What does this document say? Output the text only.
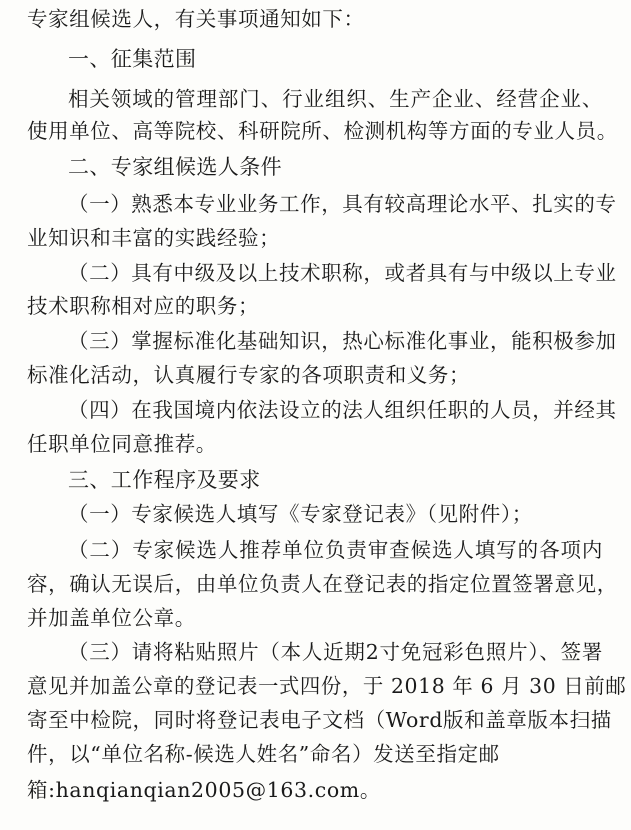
专家组候选人，有关事项通知如下：
一、征集范围
相关领域的管理部门、行业组织、生产企业、经营企业、
使用单位、高等院校、科研院所、检测机构等方面的专业人员。
二、专家组候选人条件
（一）熟悉本专业业务工作，具有较高理论水平、扎实的专
业知识和丰富的实践经验；
（二）具有中级及以上技术职称，或者具有与中级以上专业
技术职称相对应的职务；
（三）掌握标准化基础知识，热心标准化事业，能积极参加
标准化活动，认真履行专家的各项职责和义务；
（四）在我国境内依法设立的法人组织任职的人员，并经其
任职单位同意推荐。
三、工作程序及要求
（一）专家候选人填写《专家登记表》（见附件）；
（二）专家候选人推荐单位负责审查候选人填写的各项内
容，确认无误后，由单位负责人在登记表的指定位置签署意见，
并加盖单位公章。
（三）请将粘贴照片（本人近期2寸免冠彩色照片）、签署
意见并加盖公章的登记表一式四份，于 2018 年 6 月 30 日前邮
寄至中检院，同时将登记表电子文档（Word版和盖章版本扫描
件，以“单位名称-候选人姓名”命名）发送至指定邮
箱:hanqianqian2005@163.com。
